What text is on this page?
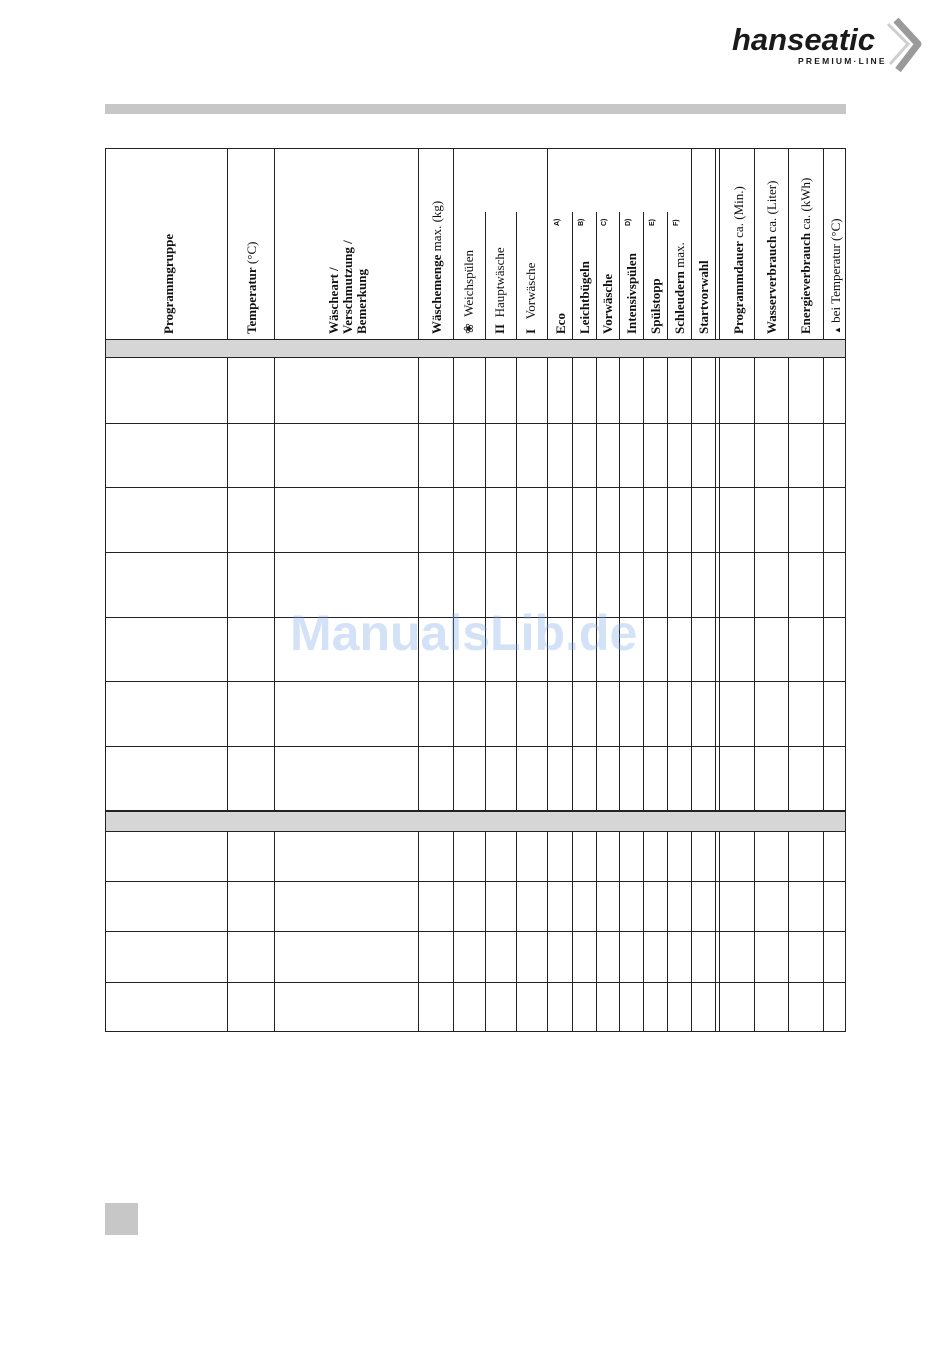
hanseatic
PREMIUM·LINE
Programmgruppe	Temperatur (°C)
Wäscheart / Verschmutzung / Bemerkung	Wäschemenge max. (kg)
❀  Weichspülen
II  Hauptwäsche
I   Vorwäsche
Eco
A)
Leichtbügeln
B)
Vorwäsche
C)
Intensivspülen
D)
Spülstopp
E)
Schleudern max.
F)
Startvorwahl Programmdauer ca. (Min.)
Wasserverbrauch ca. (Liter)
Energieverbrauch ca. (kWh)
▲ bei Temperatur (°C)
ManualsLib.de
